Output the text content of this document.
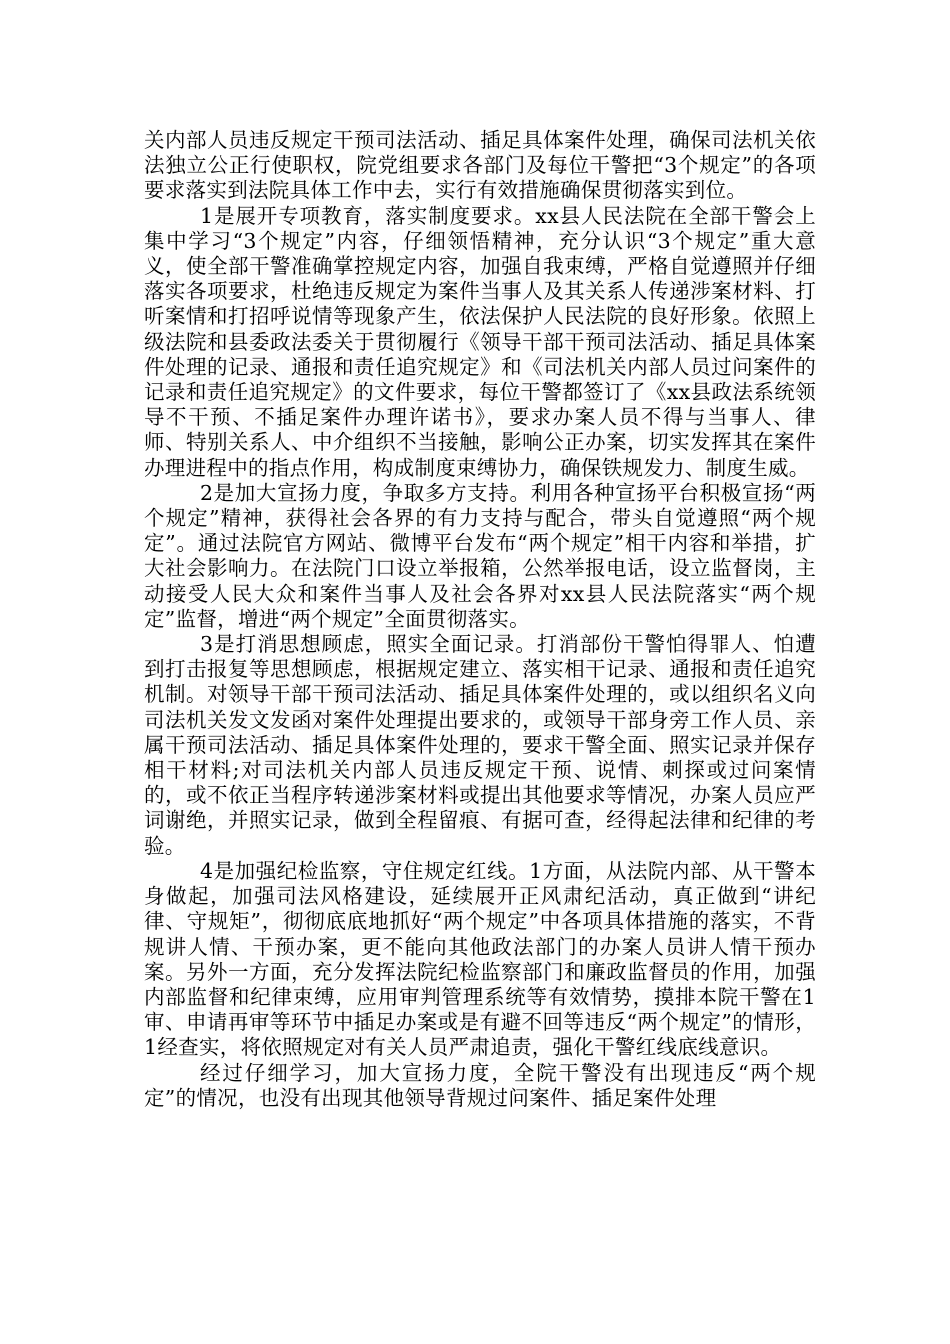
关内部人员违反规定干预司法活动、插足具体案件处理，确保司法机关依法独立公正行使职权，院党组要求各部门及每位干警把“3个规定”的各项要求落实到法院具体工作中去，实行有效措施确保贯彻落实到位。

1是展开专项教育，落实制度要求。xx县人民法院在全部干警会上集中学习“3个规定”内容，仔细领悟精神，充分认识“3个规定”重大意义，使全部干警准确掌控规定内容，加强自我束缚，严格自觉遵照并仔细落实各项要求，杜绝违反规定为案件当事人及其关系人传递涉案材料、打听案情和打招呼说情等现象产生，依法保护人民法院的良好形象。依照上级法院和县委政法委关于贯彻履行《领导干部干预司法活动、插足具体案件处理的记录、通报和责任追究规定》和《司法机关内部人员过问案件的记录和责任追究规定》的文件要求，每位干警都签订了《xx县政法系统领导不干预、不插足案件办理许诺书》，要求办案人员不得与当事人、律师、特别关系人、中介组织不当接触，影响公正办案，切实发挥其在案件办理进程中的指点作用，构成制度束缚协力，确保铁规发力、制度生威。

2是加大宣扬力度，争取多方支持。利用各种宣扬平台积极宣扬“两个规定”精神，获得社会各界的有力支持与配合，带头自觉遵照“两个规定”。通过法院官方网站、微博平台发布“两个规定”相干内容和举措，扩大社会影响力。在法院门口设立举报箱，公然举报电话，设立监督岗，主动接受人民大众和案件当事人及社会各界对xx县人民法院落实“两个规定”监督，增进“两个规定”全面贯彻落实。

3是打消思想顾虑，照实全面记录。打消部份干警怕得罪人、怕遭到打击报复等思想顾虑，根据规定建立、落实相干记录、通报和责任追究机制。对领导干部干预司法活动、插足具体案件处理的，或以组织名义向司法机关发文发函对案件处理提出要求的，或领导干部身旁工作人员、亲属干预司法活动、插足具体案件处理的，要求干警全面、照实记录并保存相干材料;对司法机关内部人员违反规定干预、说情、刺探或过问案情的，或不依正当程序转递涉案材料或提出其他要求等情况，办案人员应严词谢绝，并照实记录，做到全程留痕、有据可查，经得起法律和纪律的考验。

4是加强纪检监察，守住规定红线。1方面，从法院内部、从干警本身做起，加强司法风格建设，延续展开正风肃纪活动，真正做到“讲纪律、守规矩”，彻彻底底地抓好“两个规定”中各项具体措施的落实，不背规讲人情、干预办案，更不能向其他政法部门的办案人员讲人情干预办案。另外一方面，充分发挥法院纪检监察部门和廉政监督员的作用，加强内部监督和纪律束缚，应用审判管理系统等有效情势，摸排本院干警在1审、申请再审等环节中插足办案或是有避不回等违反“两个规定”的情形，1经查实，将依照规定对有关人员严肃追责，强化干警红线底线意识。

经过仔细学习，加大宣扬力度，全院干警没有出现违反“两个规定”的情况，也没有出现其他领导背规过问案件、插足案件处理
